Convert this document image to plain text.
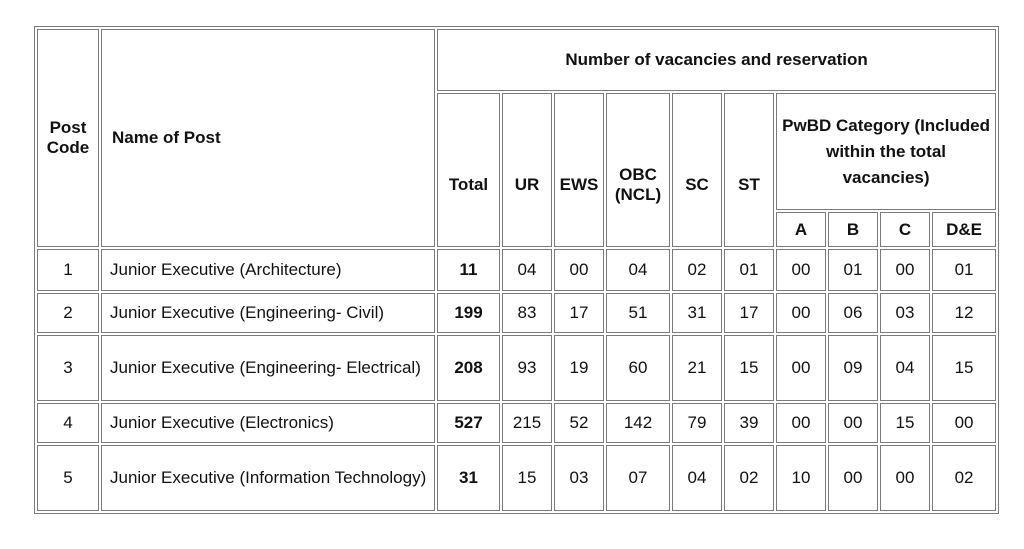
Post Code	Name of Post	Number of vacancies and reservation									
		Total	UR	EWS	OBC (NCL)	SC	ST	PwBD Category (Included within the total vacancies)			
								A	B	C	D&E
1	Junior Executive (Architecture)	11	04	00	04	02	01	00	01	00	01
2	Junior Executive (Engineering- Civil)	199	83	17	51	31	17	00	06	03	12
3	Junior Executive (Engineering- Electrical)	208	93	19	60	21	15	00	09	04	15
4	Junior Executive (Electronics)	527	215	52	142	79	39	00	00	15	00
5	Junior Executive (Information Technology)	31	15	03	07	04	02	10	00	00	02
